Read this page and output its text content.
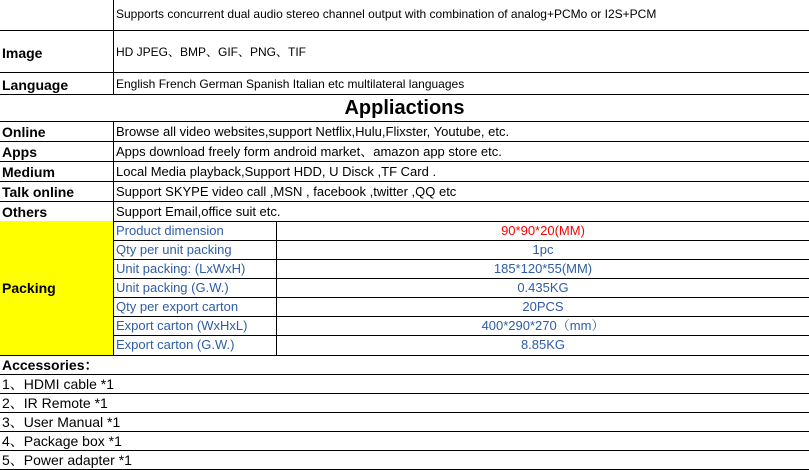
Supports concurrent dual audio stereo channel output with combination of analog+PCMo or I2S+PCM
Image	HD JPEG、BMP、GIF、PNG、TIF
Language	English French German Spanish Italian etc multilateral languages
Appliactions
Online	Browse all video websites,support Netflix,Hulu,Flixster, Youtube, etc.
Apps	Apps download freely form android market、amazon app store etc.
Medium	Local Media playback,Support HDD, U Disck ,TF Card .
Talk online	Support SKYPE video call ,MSN , facebook ,twitter ,QQ etc
Others	Support Email,office suit etc.
Packing
Product dimension	90*90*20(MM)
Qty per unit packing	1pc
Unit packing: (LxWxH)	185*120*55(MM)
Unit packing (G.W.)	0.435KG
Qty per export carton	20PCS
Export carton (WxHxL)	400*290*270（mm）
Export carton (G.W.)	8.85KG
Accessories：
1、HDMI cable *1
2、IR Remote *1
3、User Manual *1
4、Package box *1
5、Power adapter *1
